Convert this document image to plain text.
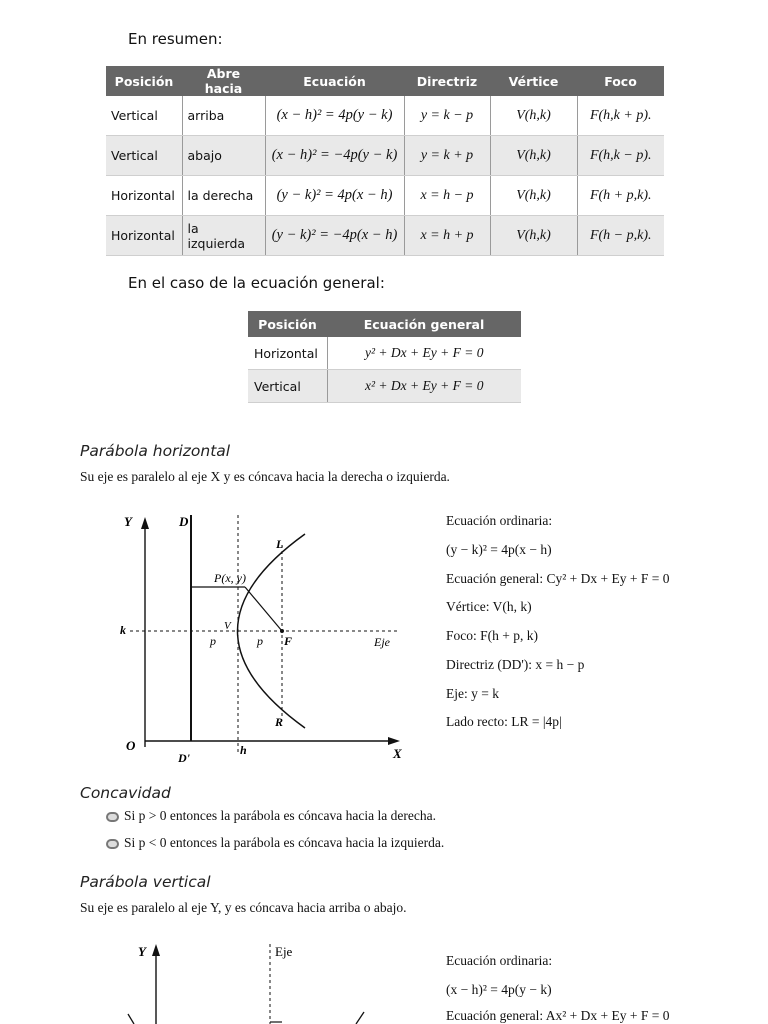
En resumen:
Posición	Abre hacia	Ecuación	Directriz	Vértice	Foco
Vertical	arriba	(x − h)² = 4p(y − k)	y = k − p	V(h,k)	F(h,k + p).
Vertical	abajo	(x − h)² = −4p(y − k)	y = k + p	V(h,k)	F(h,k − p).
Horizontal	la derecha	(y − k)² = 4p(x − h)	x = h − p	V(h,k)	F(h + p,k).
Horizontal	la izquierda	(y − k)² = −4p(x − h)	x = h + p	V(h,k)	F(h − p,k).
En el caso de la ecuación general:
Posición	Ecuación general
Horizontal	y² + Dx + Ey + F = 0
Vertical	x² + Dx + Ey + F = 0
Parábola horizontal
Su eje es paralelo al eje X y es cóncava hacia la derecha o izquierda.
Y	D
L
P(x, y)
k	V
p	p F	Eje
R
O
D'
h	X
Ecuación ordinaria:
(y − k)² = 4p(x − h)
Ecuación general: Cy² + Dx + Ey + F = 0
Vértice: V(h, k)
Foco: F(h + p, k)
Directriz (DD'): x = h − p
Eje: y = k
Lado recto: LR = |4p|
Concavidad
Si p > 0 entonces la parábola es cóncava hacia la derecha.
Si p < 0 entonces la parábola es cóncava hacia la izquierda.
Parábola vertical
Su eje es paralelo al eje Y, y es cóncava hacia arriba o abajo.
Y	Eje
Ecuación ordinaria:
(x − h)² = 4p(y − k)
Ecuación general: Ax² + Dx + Ey + F = 0
